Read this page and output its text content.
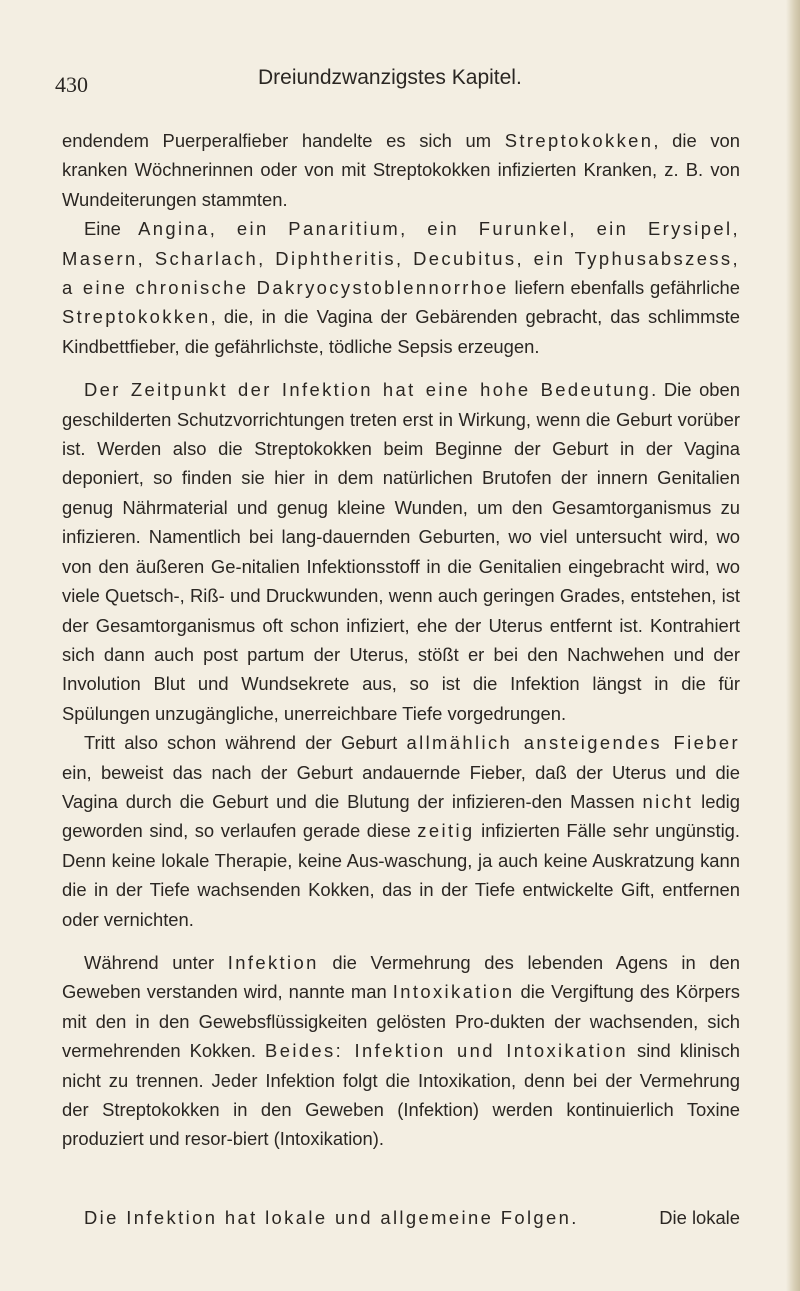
430	Dreiundzwanzigstes Kapitel.

endendem Puerperalfieber handelte es sich um Streptokokken, die von kranken Wöchnerinnen oder von mit Streptokokken infizierten Kranken, z. B. von Wundeiterungen stammten.

Eine Angina, ein Panaritium, ein Furunkel, ein Erysipel, Masern, Scharlach, Diphtheritis, Decubitus, ein Typhusabszess, a eine chronische Dakryocystoblennorrhoe liefern ebenfalls gefährliche Streptokokken, die, in die Vagina der Gebärenden gebracht, das schlimmste Kindbettfieber, die gefährlichste, tödliche Sepsis erzeugen.

Der Zeitpunkt der Infektion hat eine hohe Bedeutung. Die oben geschilderten Schutzvorrichtungen treten erst in Wirkung, wenn die Geburt vorüber ist. Werden also die Streptokokken beim Beginne der Geburt in der Vagina deponiert, so finden sie hier in dem natürlichen Brutofen der innern Genitalien genug Nährmaterial und genug kleine Wunden, um den Gesamtorganismus zu infizieren. Namentlich bei lang-dauernden Geburten, wo viel untersucht wird, wo von den äußeren Ge-nitalien Infektionsstoff in die Genitalien eingebracht wird, wo viele Quetsch-, Riß- und Druckwunden, wenn auch geringen Grades, entstehen, ist der Gesamtorganismus oft schon infiziert, ehe der Uterus entfernt ist. Kontrahiert sich dann auch post partum der Uterus, stößt er bei den Nachwehen und der Involution Blut und Wundsekrete aus, so ist die Infektion längst in die für Spülungen unzugängliche, unerreichbare Tiefe vorgedrungen.

Tritt also schon während der Geburt allmählich ansteigendes Fieber ein, beweist das nach der Geburt andauernde Fieber, daß der Uterus und die Vagina durch die Geburt und die Blutung der infizieren-den Massen nicht ledig geworden sind, so verlaufen gerade diese zeitig infizierten Fälle sehr ungünstig. Denn keine lokale Therapie, keine Aus-waschung, ja auch keine Auskratzung kann die in der Tiefe wachsenden Kokken, das in der Tiefe entwickelte Gift, entfernen oder vernichten.

Während unter Infektion die Vermehrung des lebenden Agens in den Geweben verstanden wird, nannte man Intoxikation die Vergiftung des Körpers mit den in den Gewebsflüssigkeiten gelösten Pro-dukten der wachsenden, sich vermehrenden Kokken. Beides: Infektion und Intoxikation sind klinisch nicht zu trennen. Jeder Infektion folgt die Intoxikation, denn bei der Vermehrung der Streptokokken in den Geweben (Infektion) werden kontinuierlich Toxine produziert und resor-biert (Intoxikation).

Die Infektion hat lokale und allgemeine Folgen.	Die lokale
